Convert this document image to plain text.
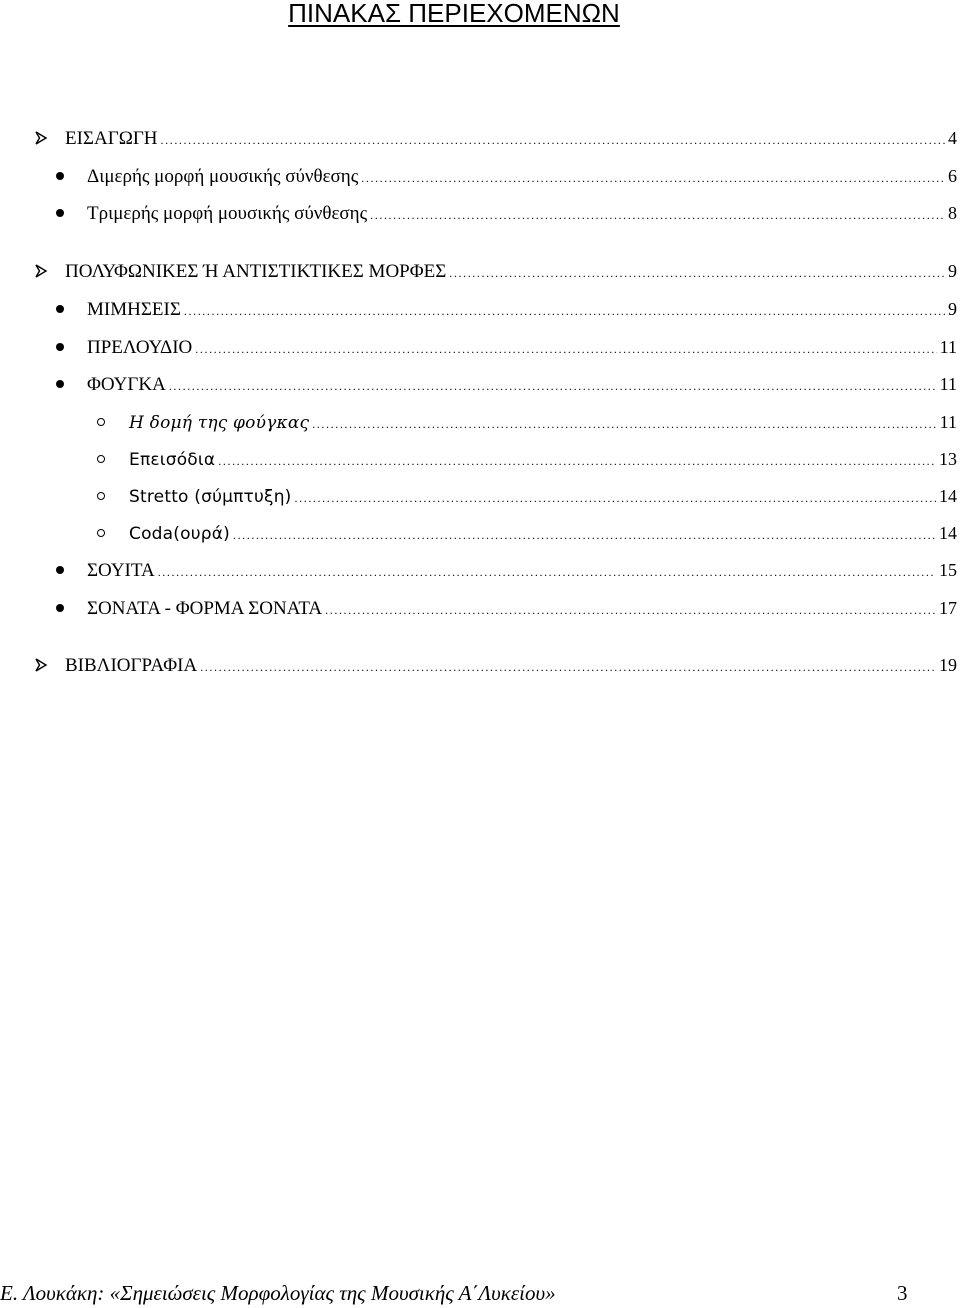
ΠΙΝΑΚΑΣ ΠΕΡΙΕΧΟΜΕΝΩΝ
ΕΙΣΑΓΩΓΗ .....	4
Διμερής μορφή μουσικής σύνθεσης .....	6
Τριμερής μορφή μουσικής σύνθεσης .....	8
ΠΟΛΥΦΩΝΙΚΕΣ Ή ΑΝΤΙΣΤΙΚΤΙΚΕΣ ΜΟΡΦΕΣ .....	9
ΜΙΜΗΣΕΙΣ .....	9
ΠΡΕΛΟΥΔΙΟ .....	11
ΦΟΥΓΚΑ .....	11
Η δομή της φούγκας .....	11
Επεισόδια .....	13
Stretto (σύμπτυξη) .....	14
Coda(ουρά) .....	14
ΣΟΥΙΤΑ .....	15
ΣΟΝΑΤΑ - ΦΟΡΜΑ ΣΟΝΑΤΑ .....	17
ΒΙΒΛΙΟΓΡΑΦΙΑ .....	19
Ε. Λουκάκη: «Σημειώσεις Μορφολογίας της Μουσικής Α΄Λυκείου»	3
